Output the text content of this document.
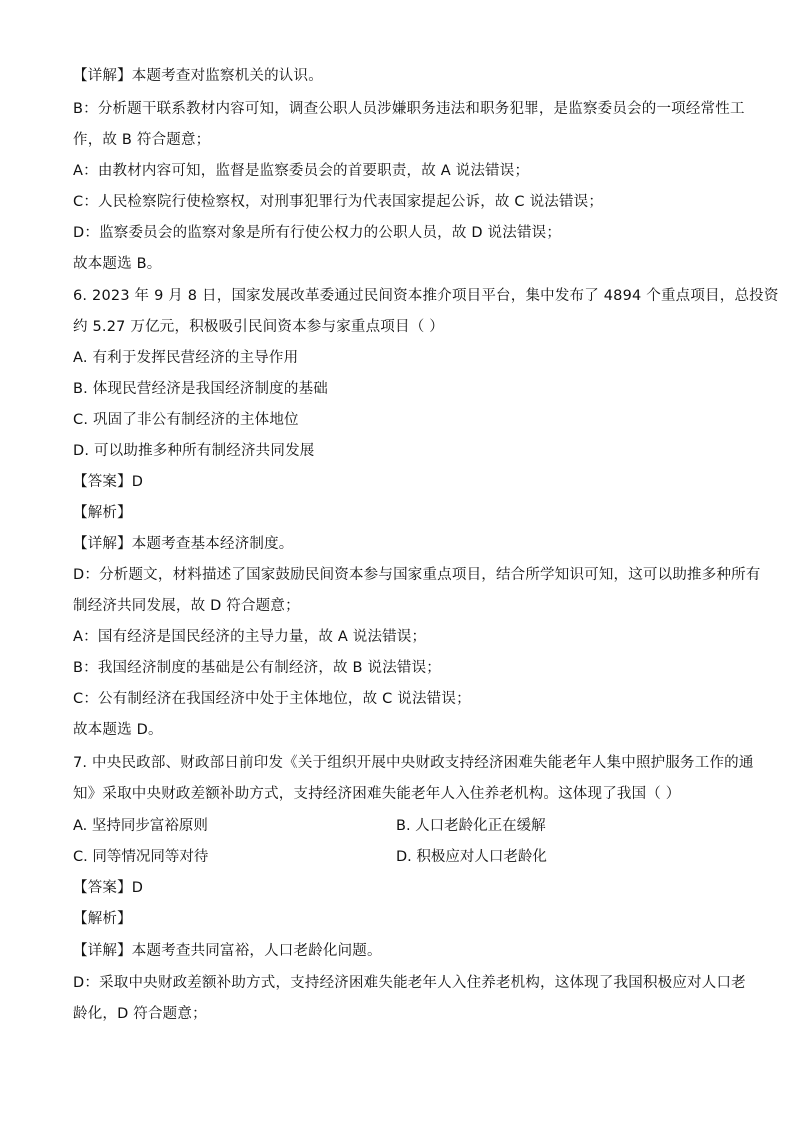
【详解】本题考查对监察机关的认识。
B：分析题干联系教材内容可知，调查公职人员涉嫌职务违法和职务犯罪，是监察委员会的一项经常性工
作，故 B 符合题意；
A：由教材内容可知，监督是监察委员会的首要职责，故 A 说法错误；
C：人民检察院行使检察权，对刑事犯罪行为代表国家提起公诉，故 C 说法错误；
D：监察委员会的监察对象是所有行使公权力的公职人员，故 D 说法错误；
故本题选 B。
6. 2023 年 9 月 8 日，国家发展改革委通过民间资本推介项目平台，集中发布了 4894 个重点项目，总投资
约 5.27 万亿元，积极吸引民间资本参与家重点项目（ ）
A. 有利于发挥民营经济的主导作用
B. 体现民营经济是我国经济制度的基础
C. 巩固了非公有制经济的主体地位
D. 可以助推多种所有制经济共同发展
【答案】D
【解析】
【详解】本题考查基本经济制度。
D：分析题文，材料描述了国家鼓励民间资本参与国家重点项目，结合所学知识可知，这可以助推多种所有
制经济共同发展，故 D 符合题意；
A：国有经济是国民经济的主导力量，故 A 说法错误；
B：我国经济制度的基础是公有制经济，故 B 说法错误；
C：公有制经济在我国经济中处于主体地位，故 C 说法错误；
故本题选 D。
7. 中央民政部、财政部日前印发《关于组织开展中央财政支持经济困难失能老年人集中照护服务工作的通
知》采取中央财政差额补助方式，支持经济困难失能老年人入住养老机构。这体现了我国（ ）
A. 坚持同步富裕原则	B. 人口老龄化正在缓解
C. 同等情况同等对待	D. 积极应对人口老龄化
【答案】D
【解析】
【详解】本题考查共同富裕，人口老龄化问题。
D：采取中央财政差额补助方式，支持经济困难失能老年人入住养老机构，这体现了我国积极应对人口老
龄化，D 符合题意；
